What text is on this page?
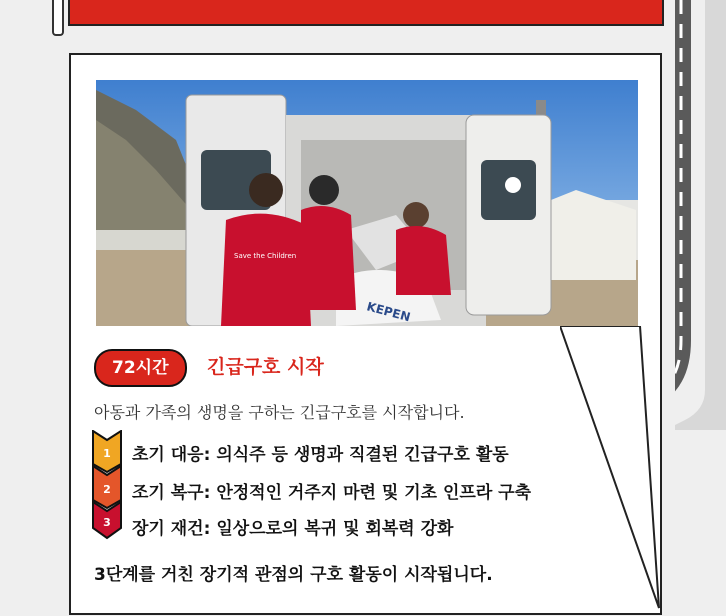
KEPEN
Save the Children
72시간	긴급구호 시작
아동과 가족의 생명을 구하는 긴급구호를 시작합니다.
1
2
3
초기 대응: 의식주 등 생명과 직결된 긴급구호 활동
조기 복구: 안정적인 거주지 마련 및 기초 인프라 구축
장기 재건: 일상으로의 복귀 및 회복력 강화
3단계를 거친 장기적 관점의 구호 활동이 시작됩니다.
